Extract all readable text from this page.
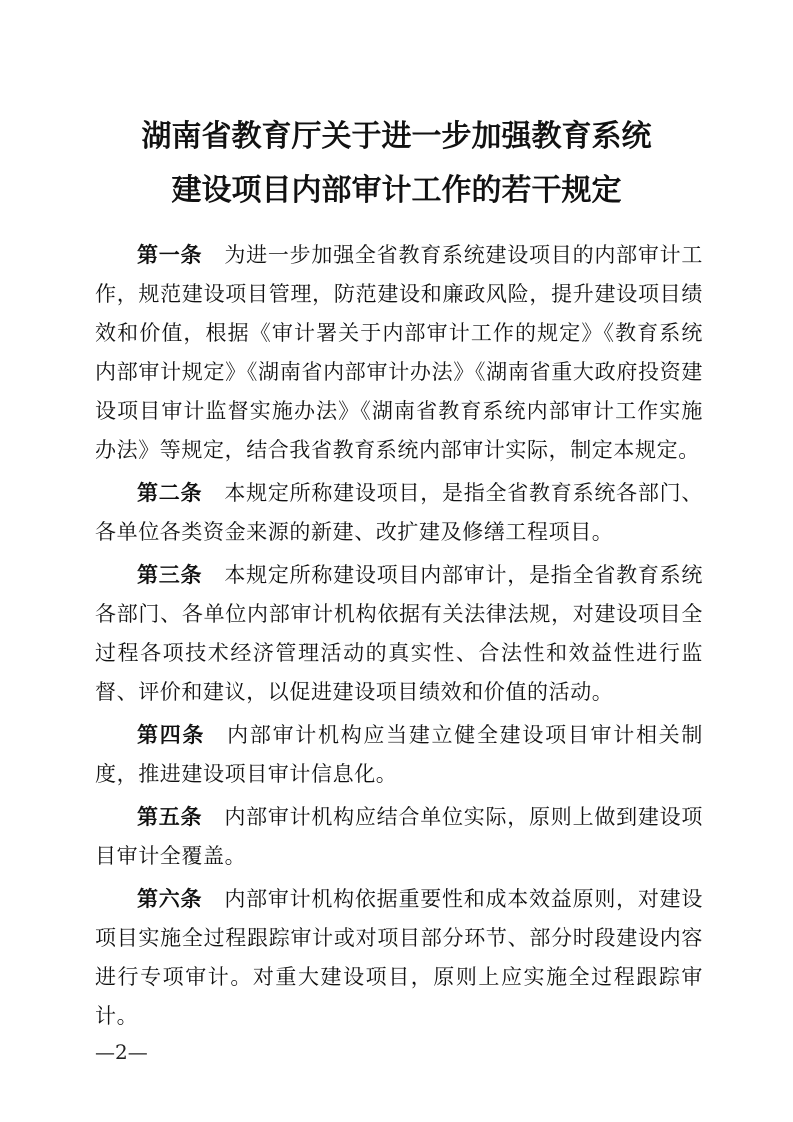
湖南省教育厅关于进一步加强教育系统
建设项目内部审计工作的若干规定

第一条 为进一步加强全省教育系统建设项目的内部审计工作，规范建设项目管理，防范建设和廉政风险，提升建设项目绩效和价值，根据《审计署关于内部审计工作的规定》《教育系统内部审计规定》《湖南省内部审计办法》《湖南省重大政府投资建设项目审计监督实施办法》《湖南省教育系统内部审计工作实施办法》等规定，结合我省教育系统内部审计实际，制定本规定。

第二条 本规定所称建设项目，是指全省教育系统各部门、各单位各类资金来源的新建、改扩建及修缮工程项目。

第三条 本规定所称建设项目内部审计，是指全省教育系统各部门、各单位内部审计机构依据有关法律法规，对建设项目全过程各项技术经济管理活动的真实性、合法性和效益性进行监督、评价和建议，以促进建设项目绩效和价值的活动。

第四条 内部审计机构应当建立健全建设项目审计相关制度，推进建设项目审计信息化。

第五条 内部审计机构应结合单位实际，原则上做到建设项目审计全覆盖。

第六条 内部审计机构依据重要性和成本效益原则，对建设项目实施全过程跟踪审计或对项目部分环节、部分时段建设内容进行专项审计。对重大建设项目，原则上应实施全过程跟踪审计。

—2—
